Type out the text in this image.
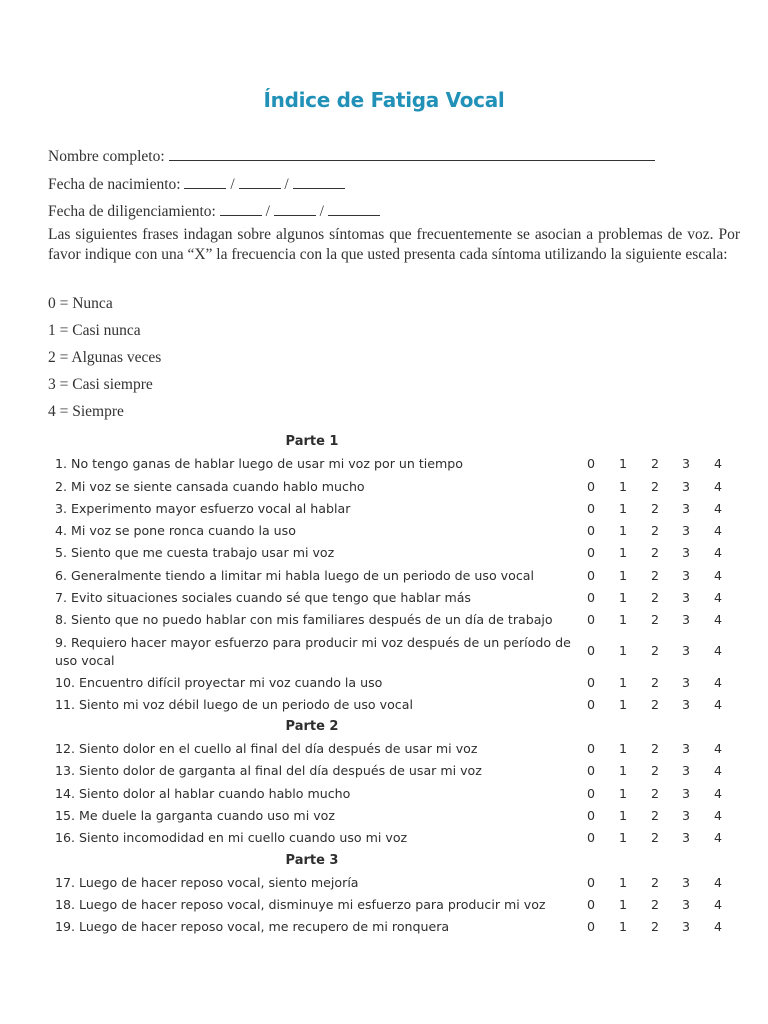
Índice de Fatiga Vocal
Nombre completo:
Fecha de nacimiento:	/	/
Fecha de diligenciamiento:	/	/
Las siguientes frases indagan sobre algunos síntomas que frecuentemente se asocian a problemas de voz. Por favor indique con una “X” la frecuencia con la que usted presenta cada síntoma utilizando la siguiente escala:
0 = Nunca
1 = Casi nunca
2 = Algunas veces
3 = Casi siempre
4 = Siempre
Parte 1
1. No tengo ganas de hablar luego de usar mi voz por un tiempo	0	1	2	3	4
2. Mi voz se siente cansada cuando hablo mucho	0	1	2	3	4
3. Experimento mayor esfuerzo vocal al hablar	0	1	2	3	4
4. Mi voz se pone ronca cuando la uso	0	1	2	3	4
5. Siento que me cuesta trabajo usar mi voz	0	1	2	3	4
6. Generalmente tiendo a limitar mi habla luego de un periodo de uso vocal	0	1	2	3	4
7. Evito situaciones sociales cuando sé que tengo que hablar más	0	1	2	3	4
8. Siento que no puedo hablar con mis familiares después de un día de trabajo	0	1	2	3	4
9. Requiero hacer mayor esfuerzo para producir mi voz después de un período de uso vocal
0	1	2	3	4
10. Encuentro difícil proyectar mi voz cuando la uso	0	1	2	3	4
11. Siento mi voz débil luego de un periodo de uso vocal	0	1	2	3	4
Parte 2
12. Siento dolor en el cuello al final del día después de usar mi voz	0	1	2	3	4
13. Siento dolor de garganta al final del día después de usar mi voz	0	1	2	3	4
14. Siento dolor al hablar cuando hablo mucho	0	1	2	3	4
15. Me duele la garganta cuando uso mi voz	0	1	2	3	4
16. Siento incomodidad en mi cuello cuando uso mi voz	0	1	2	3	4
Parte 3
17. Luego de hacer reposo vocal, siento mejoría	0	1	2	3	4
18. Luego de hacer reposo vocal, disminuye mi esfuerzo para producir mi voz	0	1	2	3	4
19. Luego de hacer reposo vocal, me recupero de mi ronquera	0	1	2	3	4
